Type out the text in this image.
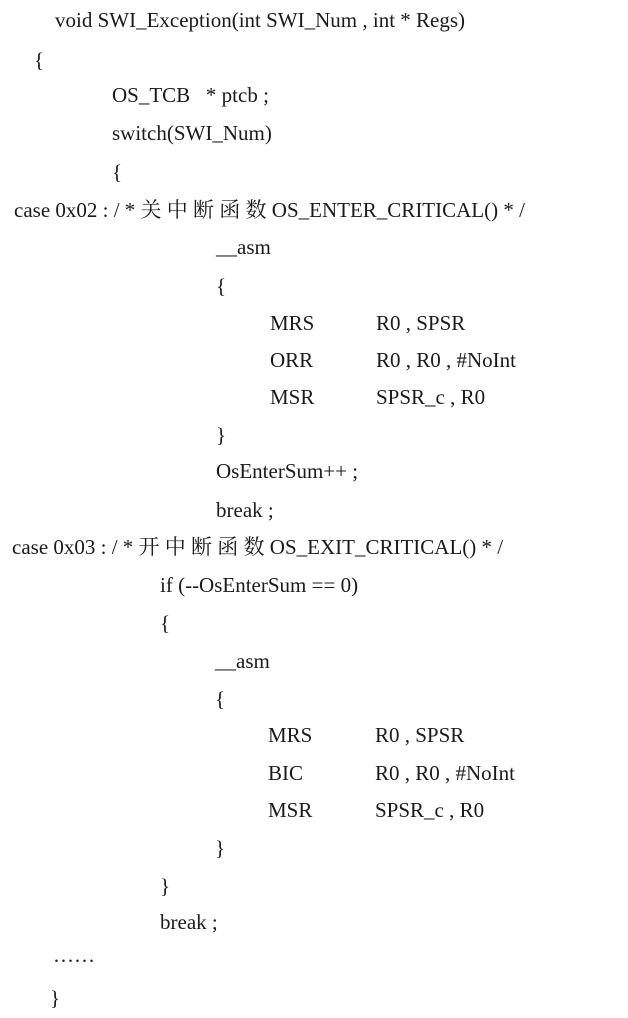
void SWI_Exception(int SWI_Num , int * Regs)
{
OS_TCB   * ptcb ;
switch(SWI_Num)
{
case 0x02 : / * 关 中 断 函 数 OS_ENTER_CRITICAL() * /
__asm
{
MRS	R0 , SPSR
ORR	R0 , R0 , #NoInt
MSR	SPSR_c , R0
}
OsEnterSum++ ;
break ;
case 0x03 : / * 开 中 断 函 数 OS_EXIT_CRITICAL() * /
if (--OsEnterSum == 0)
{
__asm
{
MRS	R0 , SPSR
BIC	R0 , R0 , #NoInt
MSR	SPSR_c , R0
}
}
break ;
……
}
